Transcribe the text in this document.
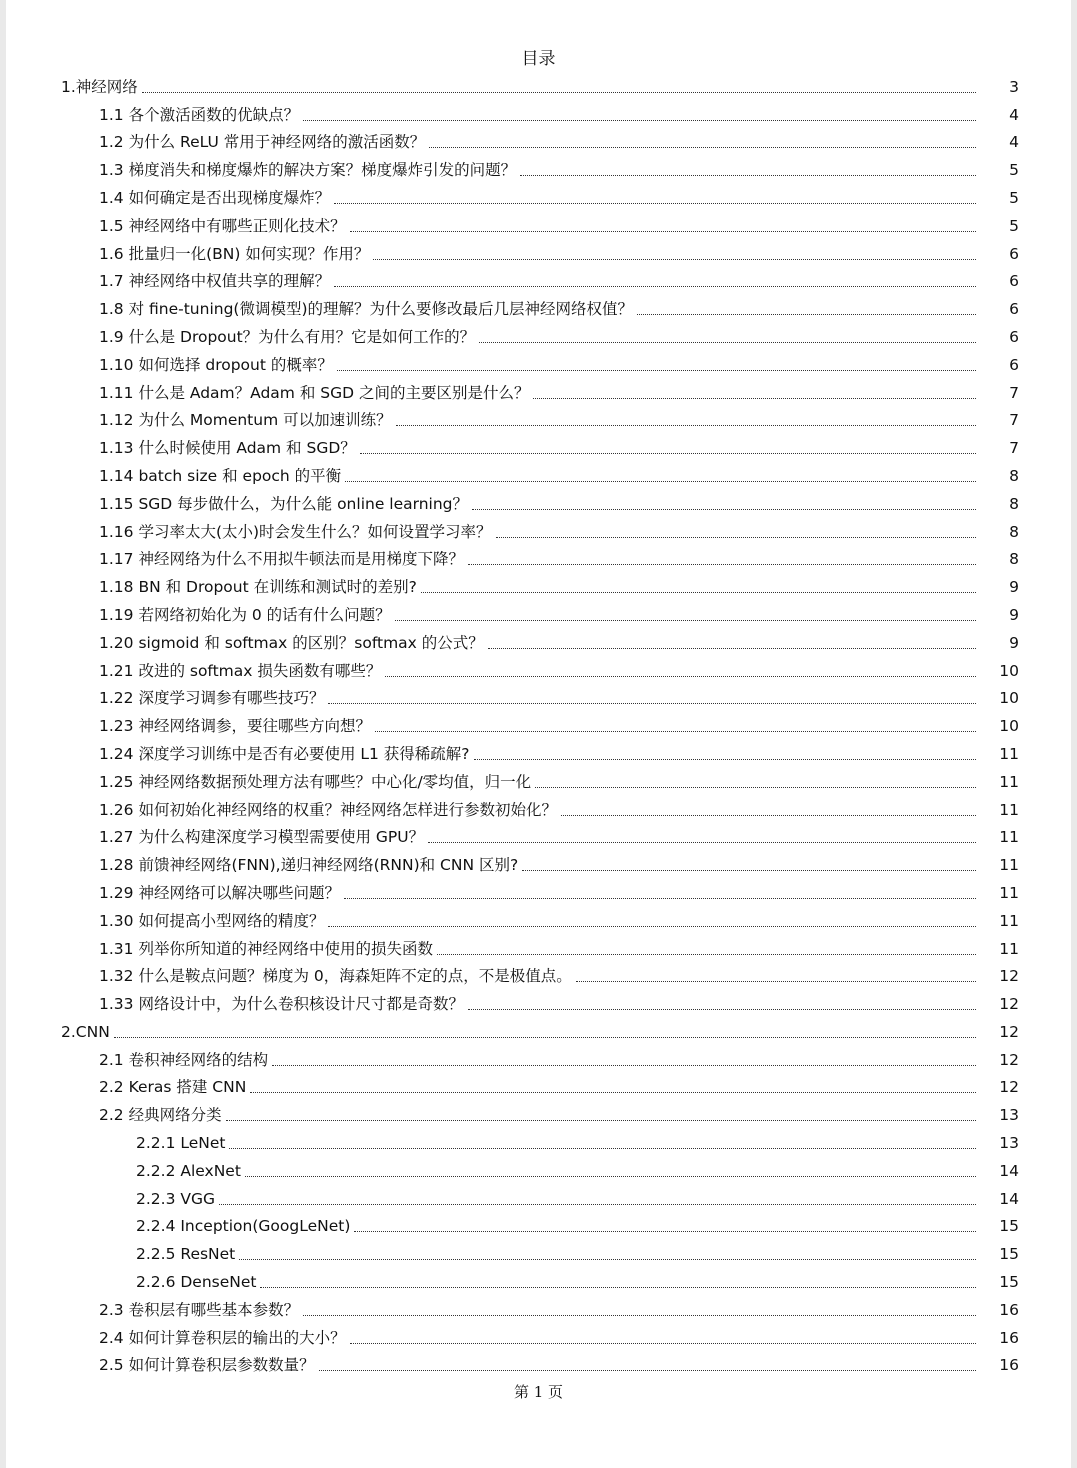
目录
1.神经网络	3
1.1 各个激活函数的优缺点？	4
1.2 为什么 ReLU 常用于神经网络的激活函数？	4
1.3 梯度消失和梯度爆炸的解决方案？梯度爆炸引发的问题？	5
1.4 如何确定是否出现梯度爆炸？	5
1.5 神经网络中有哪些正则化技术？	5
1.6 批量归一化(BN) 如何实现？作用？	6
1.7 神经网络中权值共享的理解？	6
1.8 对 fine-tuning(微调模型)的理解？为什么要修改最后几层神经网络权值？	6
1.9 什么是 Dropout？为什么有用？它是如何工作的？	6
1.10 如何选择 dropout 的概率？	6
1.11 什么是 Adam？Adam 和 SGD 之间的主要区别是什么？	7
1.12 为什么 Momentum 可以加速训练？	7
1.13 什么时候使用 Adam 和 SGD？	7
1.14 batch size 和 epoch 的平衡	8
1.15 SGD 每步做什么，为什么能 online learning？	8
1.16 学习率太大(太小)时会发生什么？如何设置学习率？	8
1.17 神经网络为什么不用拟牛顿法而是用梯度下降？	8
1.18 BN 和 Dropout 在训练和测试时的差别?	9
1.19 若网络初始化为 0 的话有什么问题？	9
1.20 sigmoid 和 softmax 的区别？softmax 的公式？	9
1.21 改进的 softmax 损失函数有哪些？	10
1.22 深度学习调参有哪些技巧？	10
1.23 神经网络调参，要往哪些方向想？	10
1.24 深度学习训练中是否有必要使用 L1 获得稀疏解?	11
1.25 神经网络数据预处理方法有哪些？中心化/零均值，归一化	11
1.26 如何初始化神经网络的权重？神经网络怎样进行参数初始化？	11
1.27 为什么构建深度学习模型需要使用 GPU？	11
1.28 前馈神经网络(FNN),递归神经网络(RNN)和 CNN 区别?	11
1.29 神经网络可以解决哪些问题？	11
1.30 如何提高小型网络的精度？	11
1.31 列举你所知道的神经网络中使用的损失函数	11
1.32 什么是鞍点问题？梯度为 0，海森矩阵不定的点，不是极值点。	12
1.33 网络设计中，为什么卷积核设计尺寸都是奇数？	12
2.CNN	12
2.1 卷积神经网络的结构	12
2.2 Keras 搭建 CNN	12
2.2 经典网络分类	13
2.2.1 LeNet	13
2.2.2 AlexNet	14
2.2.3 VGG	14
2.2.4 Inception(GoogLeNet)	15
2.2.5 ResNet	15
2.2.6 DenseNet	15
2.3 卷积层有哪些基本参数？	16
2.4 如何计算卷积层的输出的大小？	16
2.5 如何计算卷积层参数数量？	16
第 1 页
